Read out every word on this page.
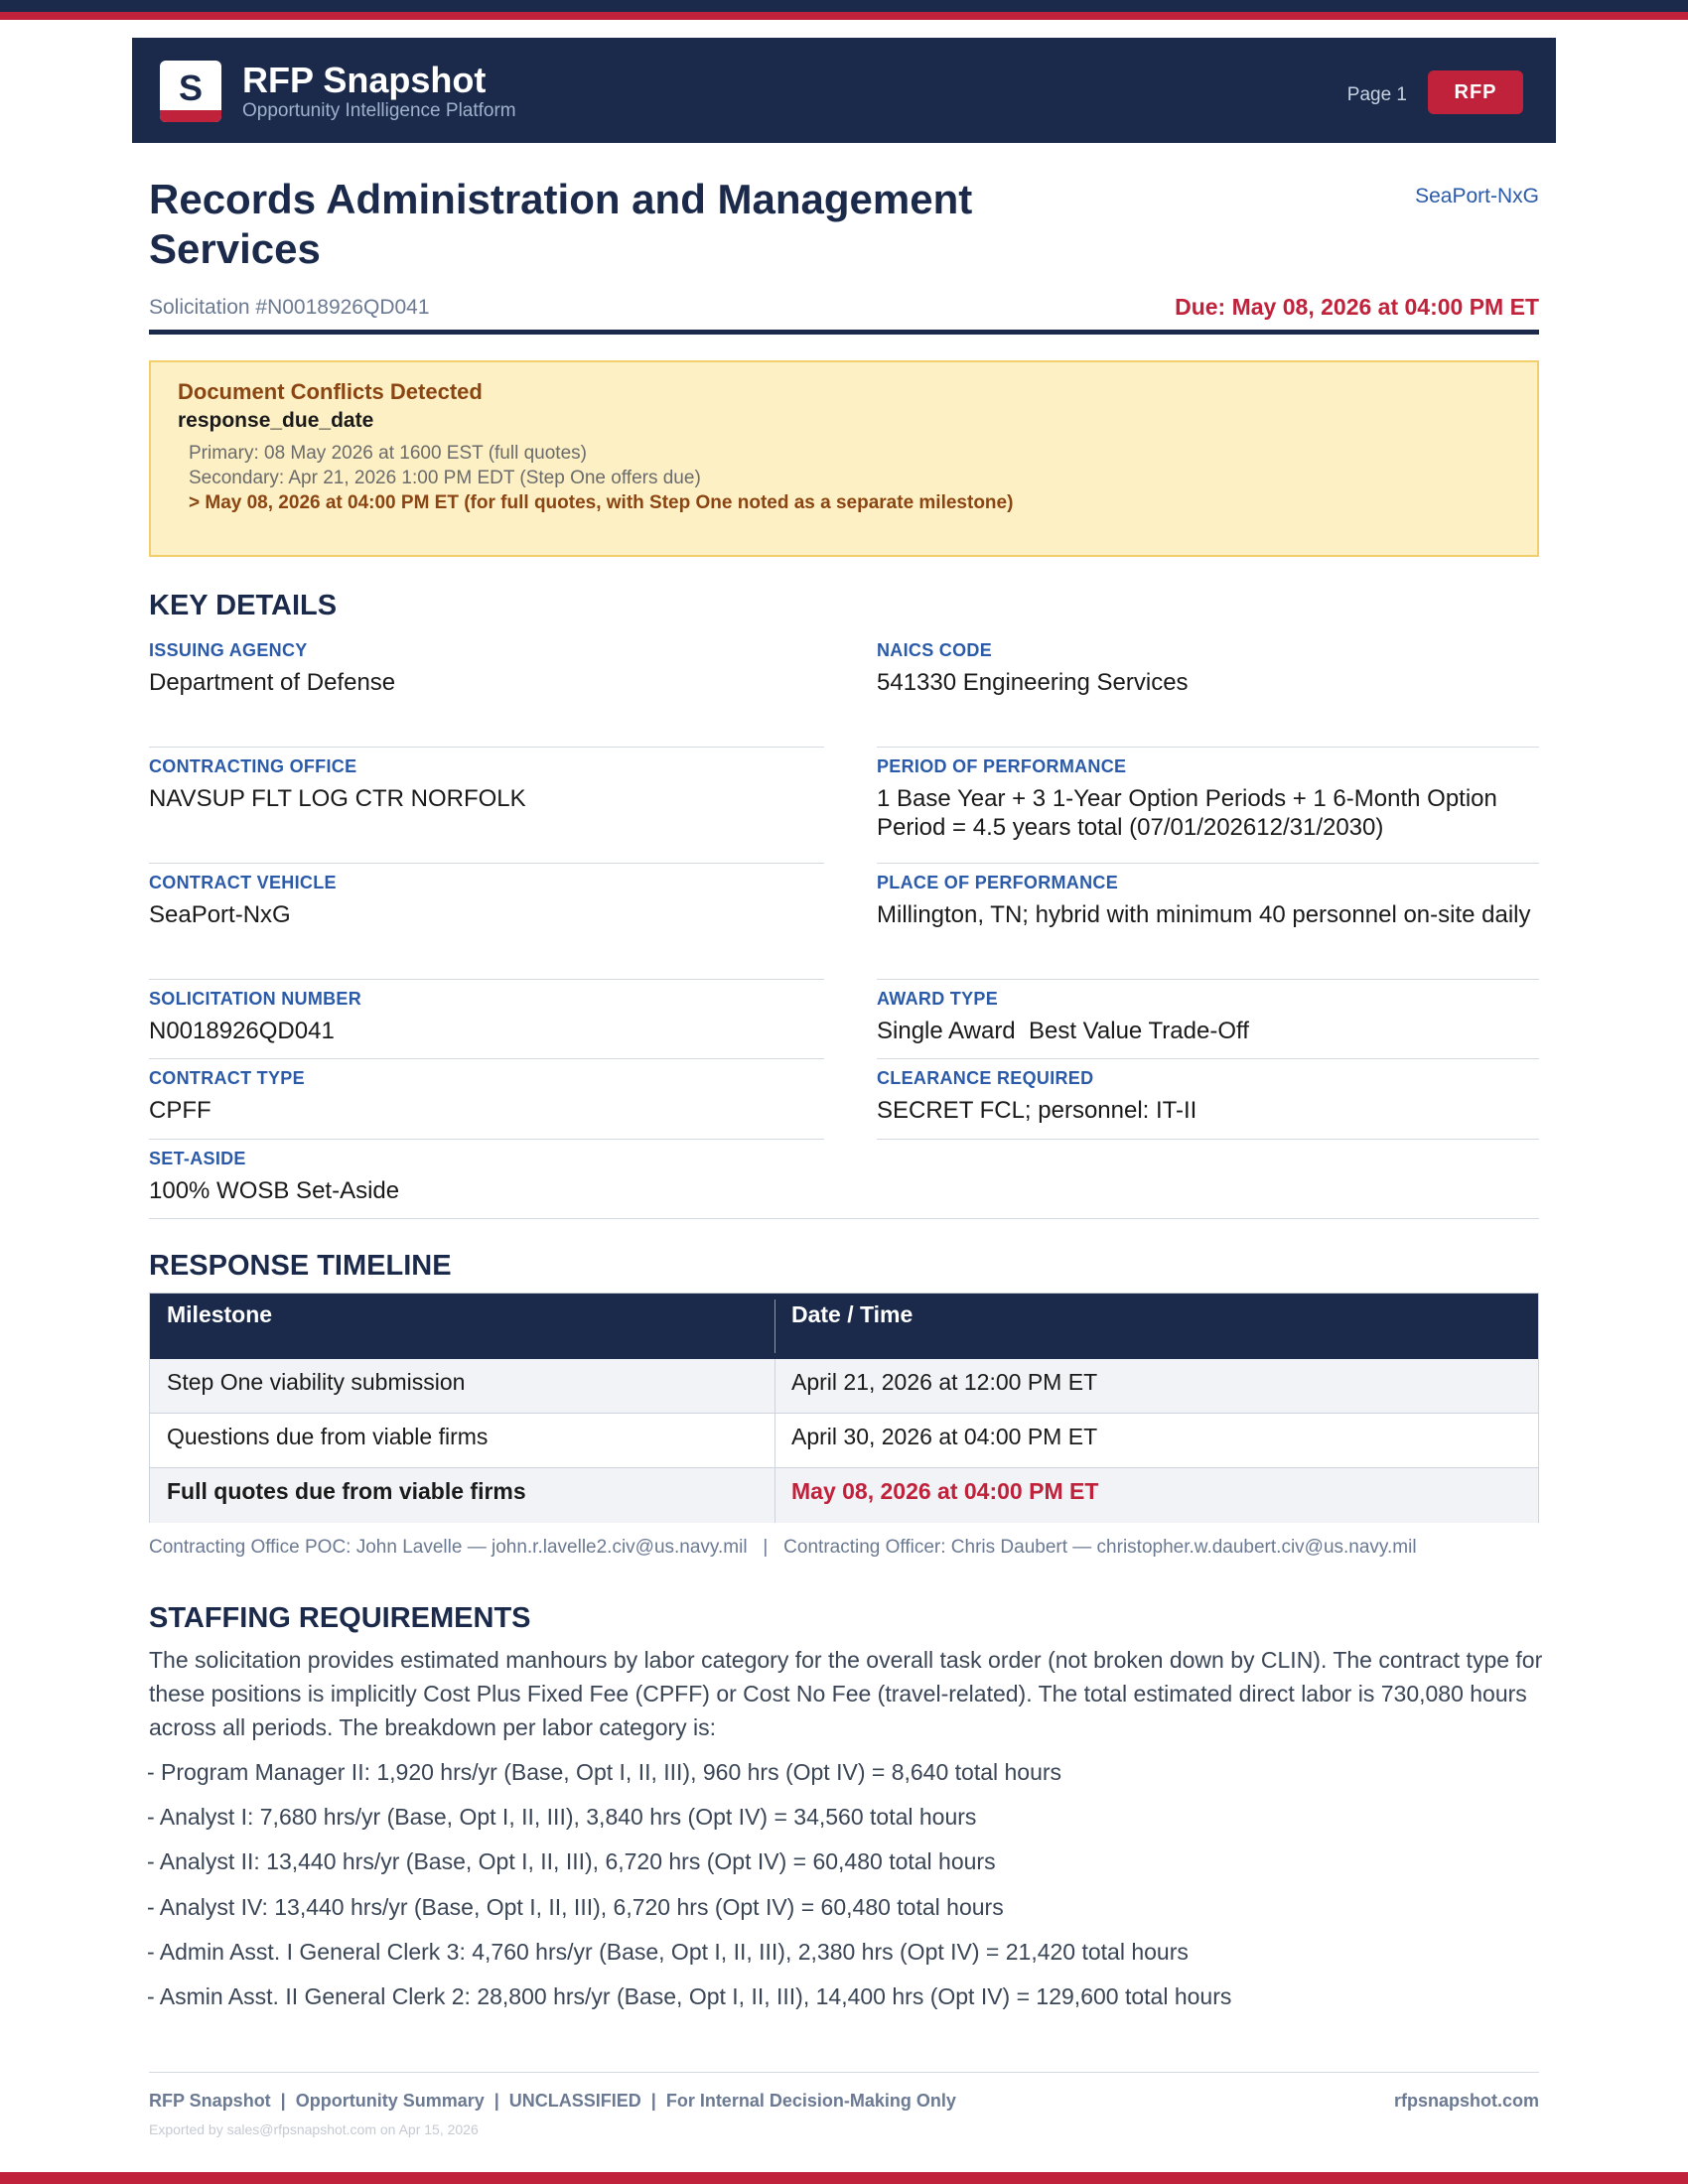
S	RFP Snapshot
Opportunity Intelligence Platform
Page 1	RFP
Records Administration and Management Services
SeaPort-NxG
Solicitation #N0018926QD041	Due: May 08, 2026 at 04:00 PM ET
Document Conflicts Detected
response_due_date
Primary: 08 May 2026 at 1600 EST (full quotes)
Secondary: Apr 21, 2026 1:00 PM EDT (Step One offers due)
> May 08, 2026 at 04:00 PM ET (for full quotes, with Step One noted as a separate milestone)
KEY DETAILS
ISSUING AGENCY
Department of Defense
NAICS CODE
541330 Engineering Services
CONTRACTING OFFICE
NAVSUP FLT LOG CTR NORFOLK
PERIOD OF PERFORMANCE
1 Base Year + 3 1-Year Option Periods + 1 6-Month Option Period = 4.5 years total (07/01/202612/31/2030)
CONTRACT VEHICLE
SeaPort-NxG
PLACE OF PERFORMANCE
Millington, TN; hybrid with minimum 40 personnel on-site daily
SOLICITATION NUMBER
N0018926QD041
AWARD TYPE
Single Award  Best Value Trade-Off
CONTRACT TYPE
CPFF
CLEARANCE REQUIRED
SECRET FCL; personnel: IT-II
SET-ASIDE
100% WOSB Set-Aside
RESPONSE TIMELINE
Milestone	Date / Time
Step One viability submission	April 21, 2026 at 12:00 PM ET
Questions due from viable firms	April 30, 2026 at 04:00 PM ET
Full quotes due from viable firms	May 08, 2026 at 04:00 PM ET
Contracting Office POC: John Lavelle — john.r.lavelle2.civ@us.navy.mil   |   Contracting Officer: Chris Daubert — christopher.w.daubert.civ@us.navy.mil
STAFFING REQUIREMENTS
The solicitation provides estimated manhours by labor category for the overall task order (not broken down by CLIN). The contract type for these positions is implicitly Cost Plus Fixed Fee (CPFF) or Cost No Fee (travel-related). The total estimated direct labor is 730,080 hours across all periods. The breakdown per labor category is:
- Program Manager II: 1,920 hrs/yr (Base, Opt I, II, III), 960 hrs (Opt IV) = 8,640 total hours
- Analyst I: 7,680 hrs/yr (Base, Opt I, II, III), 3,840 hrs (Opt IV) = 34,560 total hours
- Analyst II: 13,440 hrs/yr (Base, Opt I, II, III), 6,720 hrs (Opt IV) = 60,480 total hours
- Analyst IV: 13,440 hrs/yr (Base, Opt I, II, III), 6,720 hrs (Opt IV) = 60,480 total hours
- Admin Asst. I General Clerk 3: 4,760 hrs/yr (Base, Opt I, II, III), 2,380 hrs (Opt IV) = 21,420 total hours
- Asmin Asst. II General Clerk 2: 28,800 hrs/yr (Base, Opt I, II, III), 14,400 hrs (Opt IV) = 129,600 total hours
RFP Snapshot  |  Opportunity Summary  |  UNCLASSIFIED  |  For Internal Decision-Making Only	rfpsnapshot.com
Exported by sales@rfpsnapshot.com on Apr 15, 2026
